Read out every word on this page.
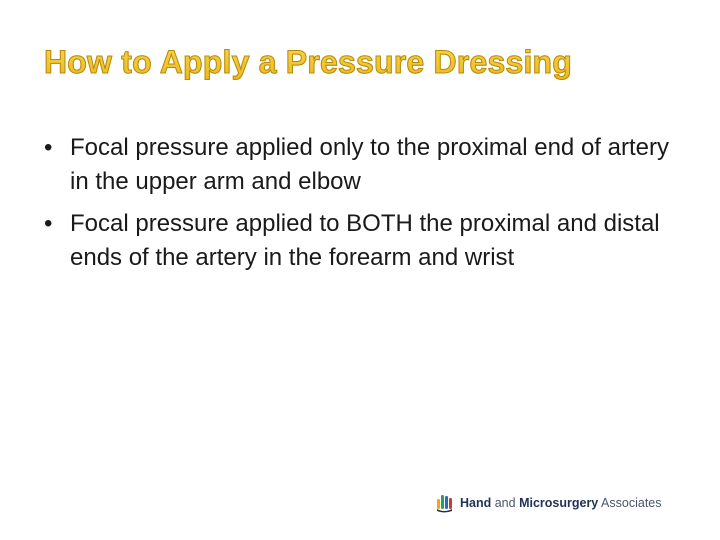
How to Apply a Pressure Dressing
• Focal pressure applied only to the proximal end of artery in the upper arm and elbow
• Focal pressure applied to BOTH the proximal and distal ends of the artery in the forearm and wrist
Hand and Microsurgery Associates
